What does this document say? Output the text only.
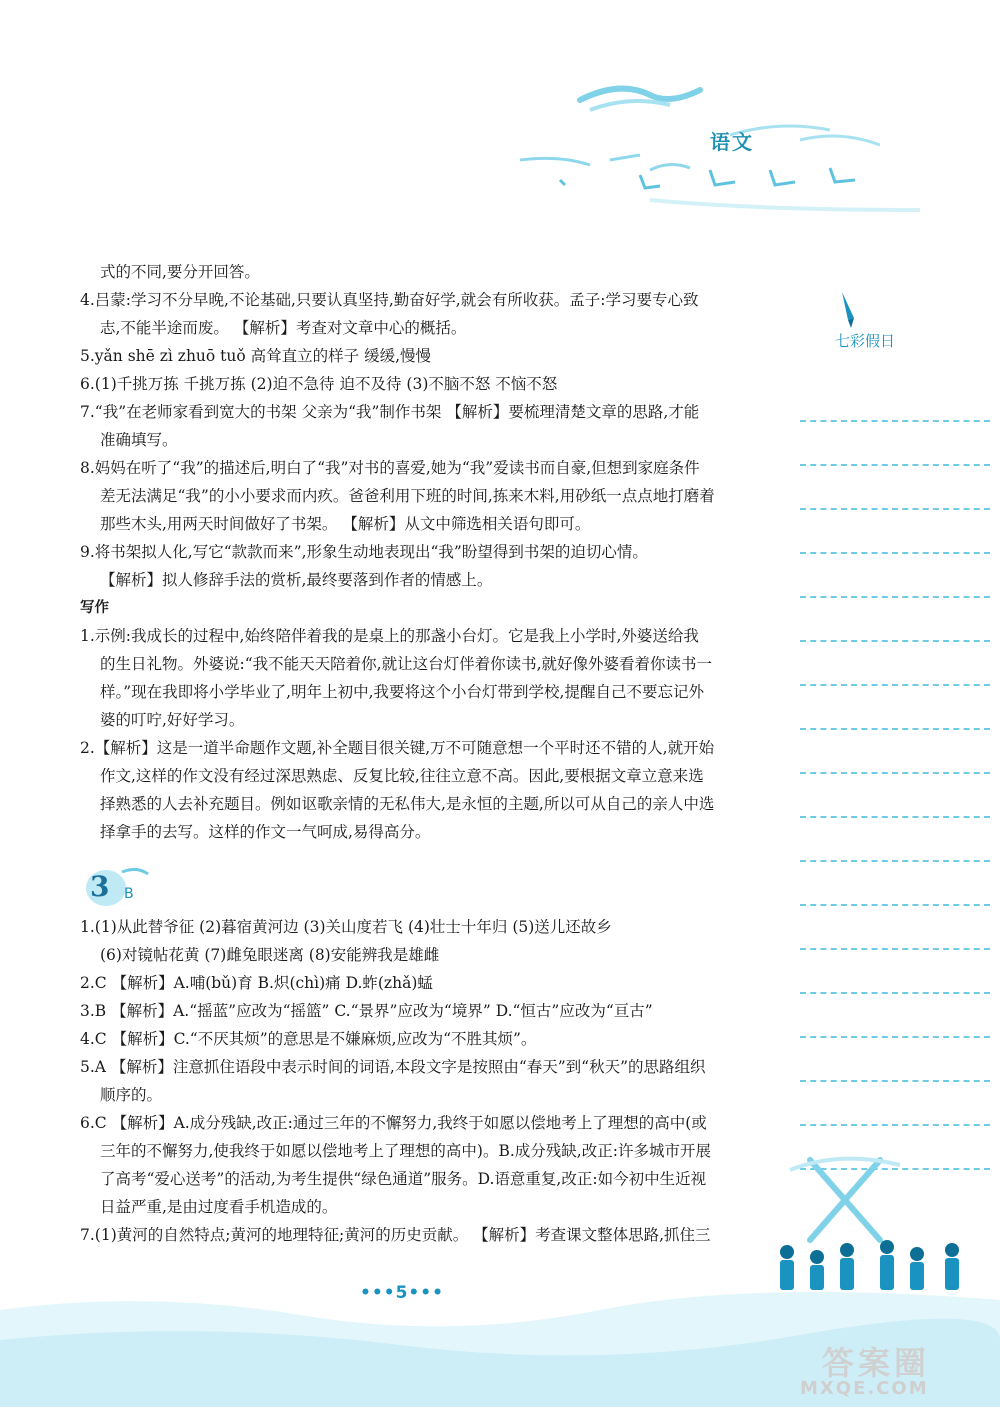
语文
七彩假日

式的不同,要分开回答。

4.吕蒙:学习不分早晚,不论基础,只要认真坚持,勤奋好学,就会有所收获。孟子:学习要专心致

志,不能半途而废。 【解析】考查对文章中心的概括。

5.yǎn shē zì zhuō tuǒ 高耸直立的样子 缓缓,慢慢

6.(1)千挑万拣 千挑万拣 (2)迫不急待 迫不及待 (3)不脑不怒 不恼不怒

7.“我”在老师家看到宽大的书架 父亲为“我”制作书架 【解析】要梳理清楚文章的思路,才能

准确填写。

8.妈妈在听了“我”的描述后,明白了“我”对书的喜爱,她为“我”爱读书而自豪,但想到家庭条件

差无法满足“我”的小小要求而内疚。爸爸利用下班的时间,拣来木料,用砂纸一点点地打磨着

那些木头,用两天时间做好了书架。 【解析】从文中筛选相关语句即可。

9.将书架拟人化,写它“款款而来”,形象生动地表现出“我”盼望得到书架的迫切心情。

【解析】拟人修辞手法的赏析,最终要落到作者的情感上。

写作

1.示例:我成长的过程中,始终陪伴着我的是桌上的那盏小台灯。它是我上小学时,外婆送给我

的生日礼物。外婆说:“我不能天天陪着你,就让这台灯伴着你读书,就好像外婆看着你读书一

样。”现在我即将小学毕业了,明年上初中,我要将这个小台灯带到学校,提醒自己不要忘记外

婆的叮咛,好好学习。

2.【解析】这是一道半命题作文题,补全题目很关键,万不可随意想一个平时还不错的人,就开始

作文,这样的作文没有经过深思熟虑、反复比较,往往立意不高。因此,要根据文章立意来选

择熟悉的人去补充题目。例如讴歌亲情的无私伟大,是永恒的主题,所以可从自己的亲人中选

择拿手的去写。这样的作文一气呵成,易得高分。

3 B

1.(1)从此替爷征 (2)暮宿黄河边 (3)关山度若飞 (4)壮士十年归 (5)送儿还故乡

(6)对镜帖花黄 (7)雌兔眼迷离 (8)安能辨我是雄雌

2.C 【解析】A.哺(bǔ)育 B.炽(chì)痛 D.蚱(zhǎ)蜢

3.B 【解析】A.“摇蓝”应改为“摇篮” C.“景界”应改为“境界” D.“恒古”应改为“亘古”

4.C 【解析】C.“不厌其烦”的意思是不嫌麻烦,应改为“不胜其烦”。

5.A 【解析】注意抓住语段中表示时间的词语,本段文字是按照由“春天”到“秋天”的思路组织

顺序的。

6.C 【解析】A.成分残缺,改正:通过三年的不懈努力,我终于如愿以偿地考上了理想的高中(或

三年的不懈努力,使我终于如愿以偿地考上了理想的高中)。B.成分残缺,改正:许多城市开展

了高考“爱心送考”的活动,为考生提供“绿色通道”服务。D.语意重复,改正:如今初中生近视

日益严重,是由过度看手机造成的。

7.(1)黄河的自然特点;黄河的地理特征;黄河的历史贡献。 【解析】考查课文整体思路,抓住三

•••5•••
答案圈
MXQE.COM
